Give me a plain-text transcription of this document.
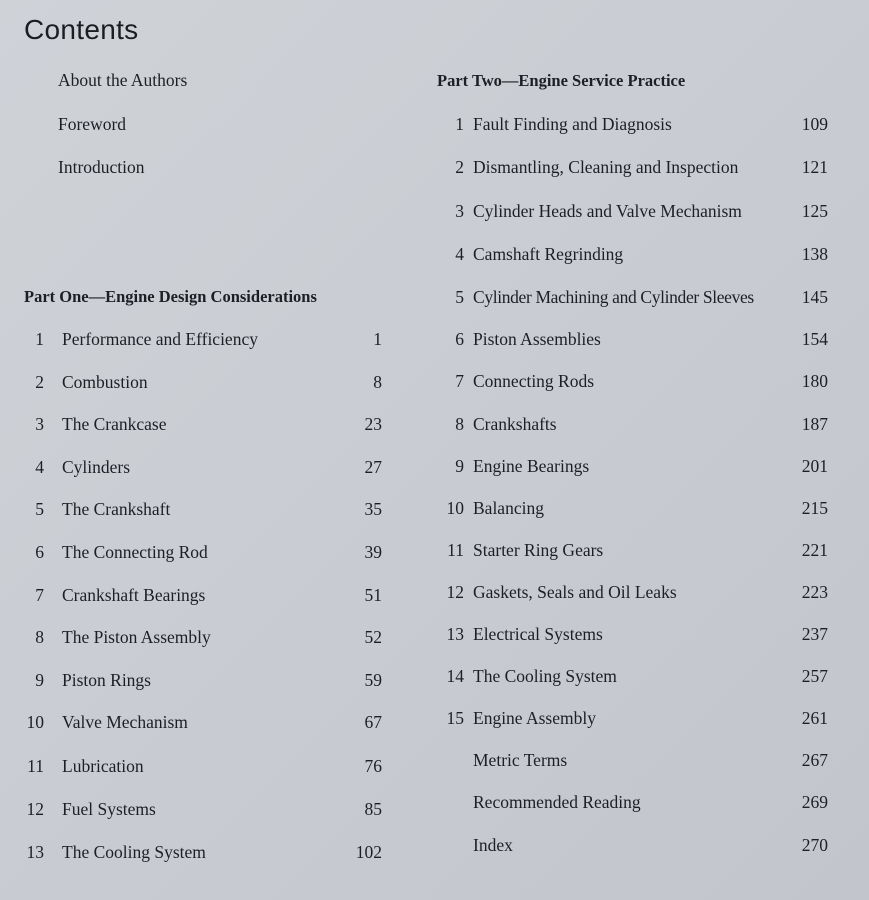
Contents
About the Authors
Foreword
Introduction
Part One—Engine Design Considerations
1 Performance and Efficiency	1
2 Combustion	8
3 The Crankcase	23
4 Cylinders	27
5 The Crankshaft	35
6 The Connecting Rod	39
7 Crankshaft Bearings	51
8 The Piston Assembly	52
9 Piston Rings	59
10 Valve Mechanism	67
11 Lubrication	76
12 Fuel Systems	85
13 The Cooling System	102
Part Two—Engine Service Practice
1 Fault Finding and Diagnosis	109
2 Dismantling, Cleaning and Inspection	121
3 Cylinder Heads and Valve Mechanism	125
4 Camshaft Regrinding	138
5 Cylinder Machining and Cylinder Sleeves	145
6 Piston Assemblies	154
7 Connecting Rods	180
8 Crankshafts	187
9 Engine Bearings	201
10 Balancing	215
11 Starter Ring Gears	221
12 Gaskets, Seals and Oil Leaks	223
13 Electrical Systems	237
14 The Cooling System	257
15 Engine Assembly	261
Metric Terms	267
Recommended Reading	269
Index	270
